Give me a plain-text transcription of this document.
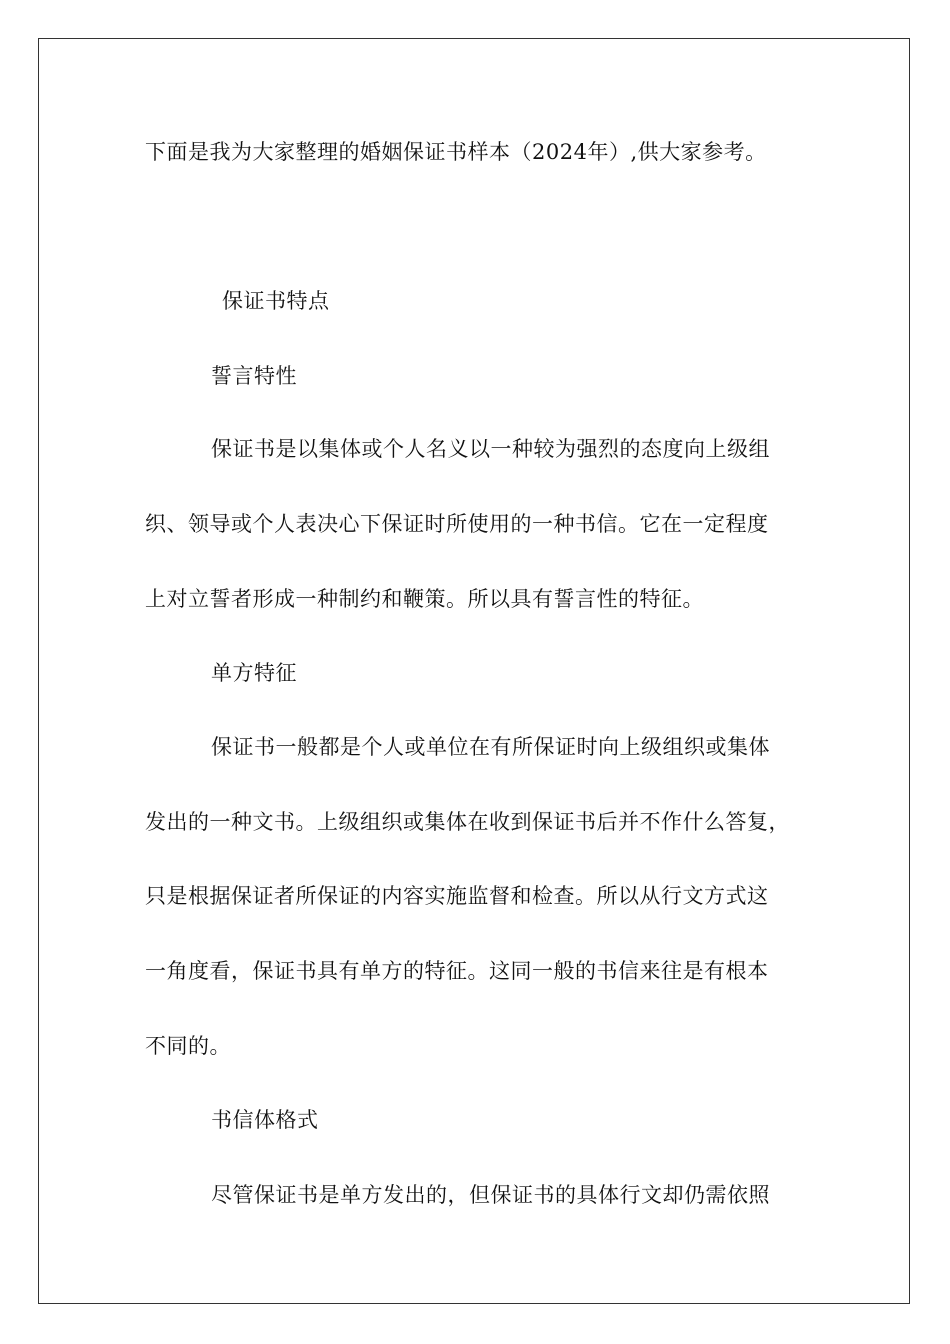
下面是我为大家整理的婚姻保证书样本（2024年）,供大家参考。
保证书特点
誓言特性
保证书是以集体或个人名义以一种较为强烈的态度向上级组
织、领导或个人表决心下保证时所使用的一种书信。它在一定程度
上对立誓者形成一种制约和鞭策。所以具有誓言性的特征。
单方特征
保证书一般都是个人或单位在有所保证时向上级组织或集体
发出的一种文书。上级组织或集体在收到保证书后并不作什么答复，
只是根据保证者所保证的内容实施监督和检查。所以从行文方式这
一角度看，保证书具有单方的特征。这同一般的书信来往是有根本
不同的。
书信体格式
尽管保证书是单方发出的，但保证书的具体行文却仍需依照
